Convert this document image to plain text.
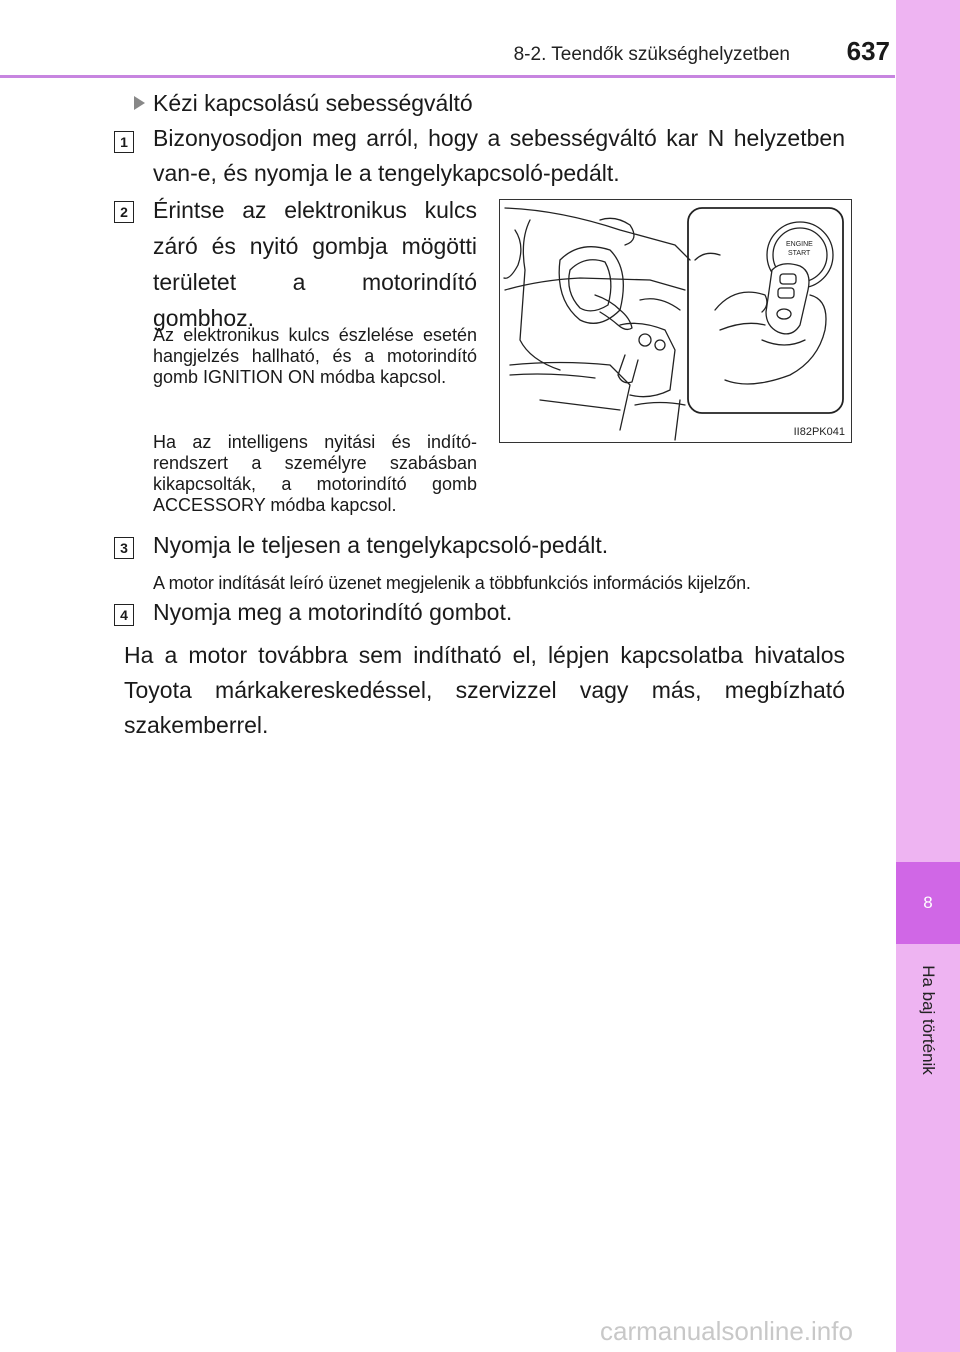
8-2. Teendők szükséghelyzetben	637
8
Ha baj történik
Kézi kapcsolású sebességváltó
1 Bizonyosodjon meg arról, hogy a sebességváltó kar N helyzetben van-e, és nyomja le a tengelykapcsoló-pedált.
2 Érintse az elektronikus kulcs záró és nyitó gombja mögötti területet a motorindító gombhoz.
Az elektronikus kulcs észlelése esetén hangjelzés hallható, és a motorindító gomb IGNITION ON módba kapcsol.
Ha az intelligens nyitási és indító-rendszert a személyre szabásban kikapcsolták, a motorindító gomb ACCESSORY módba kapcsol.
ENGINE
START
II82PK041
3 Nyomja le teljesen a tengelykapcsoló-pedált.
A motor indítását leíró üzenet megjelenik a többfunkciós információs kijelzőn.
4 Nyomja meg a motorindító gombot.
Ha a motor továbbra sem indítható el, lépjen kapcsolatba hivatalos Toyota márkakereskedéssel, szervizzel vagy más, megbízható szakemberrel.
carmanualsonline.info
